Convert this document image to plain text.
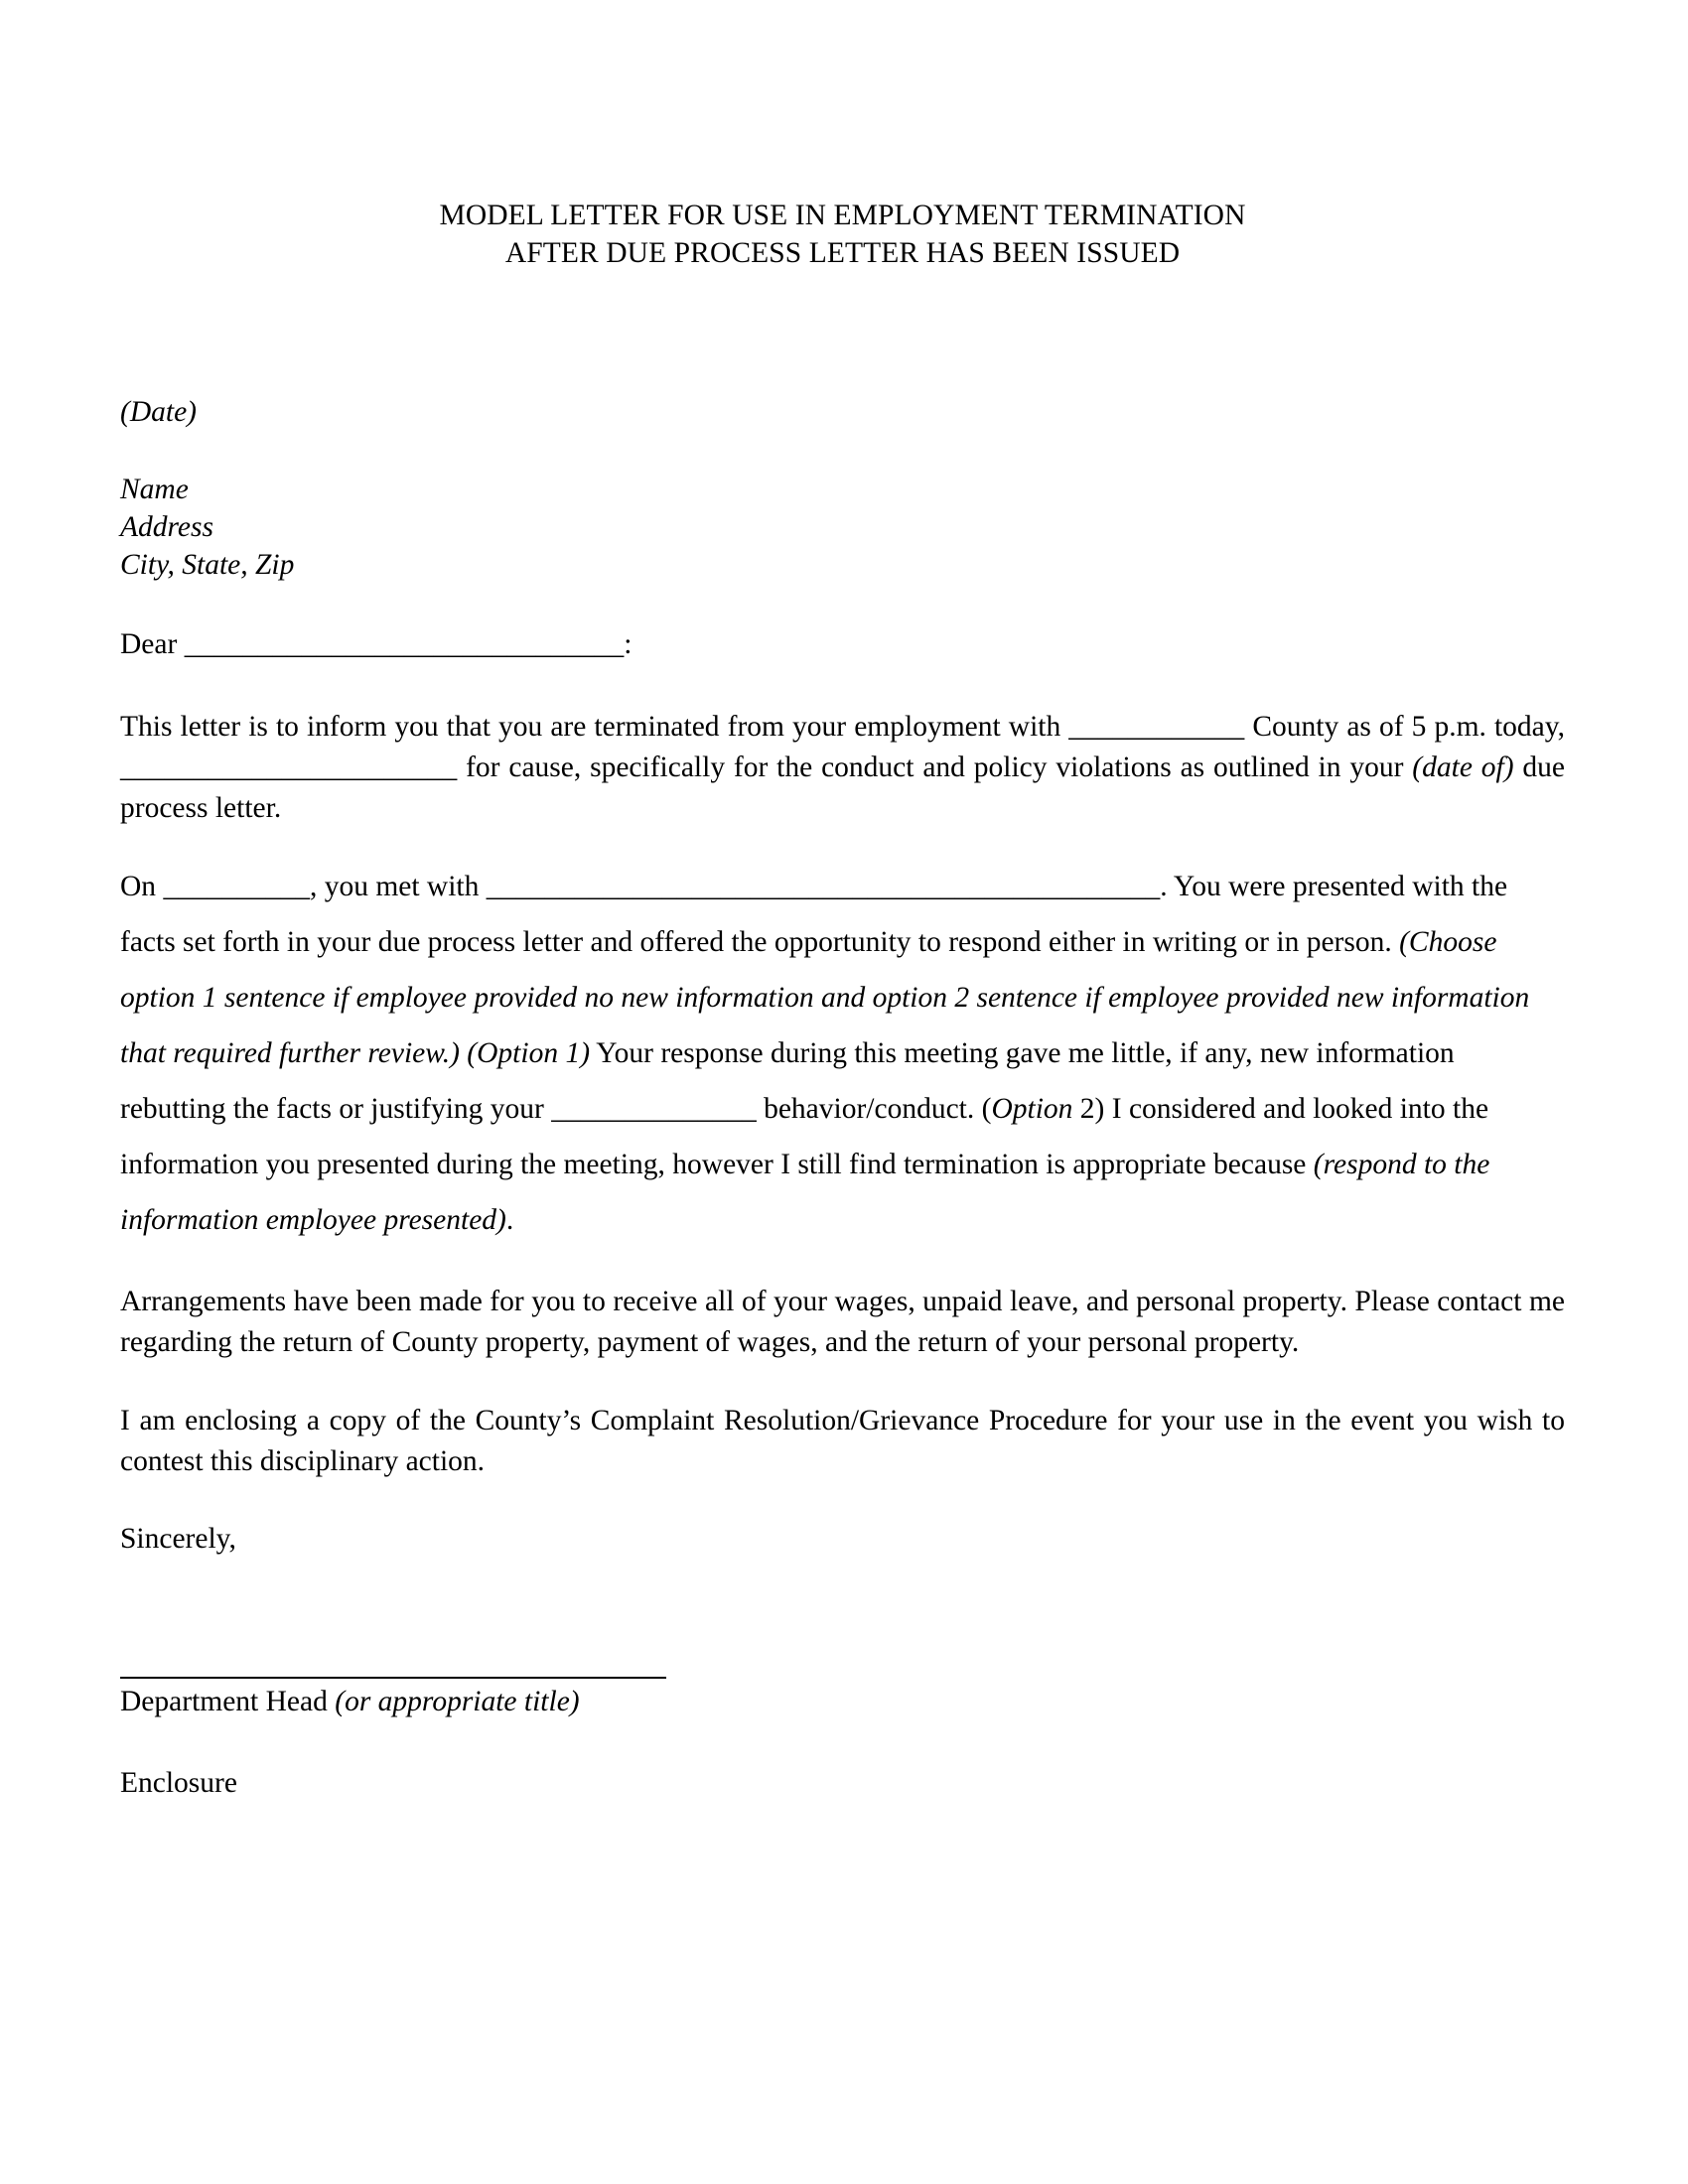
MODEL LETTER FOR USE IN EMPLOYMENT TERMINATION
AFTER DUE PROCESS LETTER HAS BEEN ISSUED
(Date)
Name
Address
City, State, Zip
Dear ______________________________:

This letter is to inform you that you are terminated from your employment with ____________ County as of 5 p.m. today, _______________________ for cause, specifically for the conduct and policy violations as outlined in your (date of) due process letter.

On __________, you met with ______________________________________________. You were presented with the facts set forth in your due process letter and offered the opportunity to respond either in writing or in person. (Choose option 1 sentence if employee provided no new information and option 2 sentence if employee provided new information that required further review.) (Option 1) Your response during this meeting gave me little, if any, new information rebutting the facts or justifying your ______________ behavior/conduct. (Option 2) I considered and looked into the information you presented during the meeting, however I still find termination is appropriate because (respond to the information employee presented).

Arrangements have been made for you to receive all of your wages, unpaid leave, and personal property. Please contact me regarding the return of County property, payment of wages, and the return of your personal property.

I am enclosing a copy of the County’s Complaint Resolution/Grievance Procedure for your use in the event you wish to contest this disciplinary action.

Sincerely,
Department Head (or appropriate title)
Enclosure
